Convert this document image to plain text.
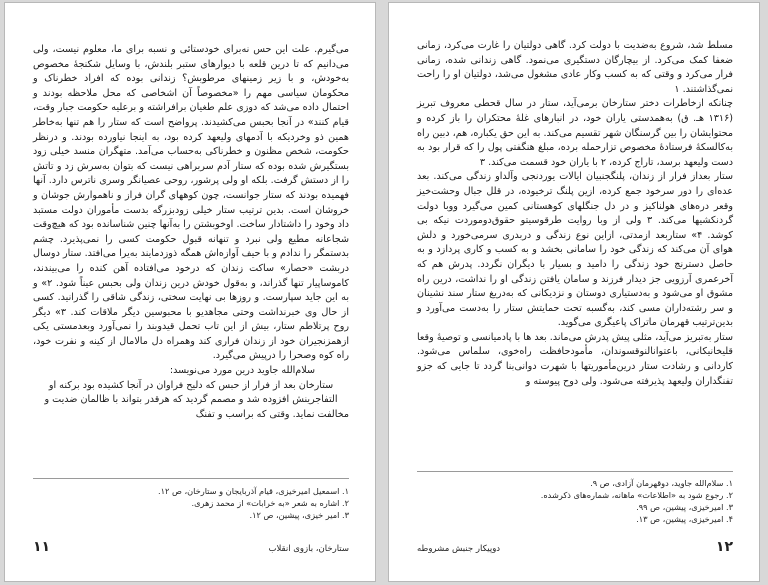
می‌گیرم. علت این حس نه‌برای خودستائی و نسبه برای ما، معلوم نیست، ولی می‌دانیم که تا درین قلعه با دیوارهای ستبر بلندش، با وسایل شکنجهٔ مخصوص به‌خودش، و با زیر زمینهای مرطوبش؟ زندانی بوده که افراد خطرناک و محکومان سیاسی مهم را «مخصوصاً آن اشخاصی که محل ملاحظه بودند و احتمال داده می‌شد که دوزی علم طغیان برافراشته و برعلیه حکومت جبار وقت، قیام کنند» در آنجا بحبس می‌کشیدند. پرواضح است که ستار را هم تنها به‌خاطر همین ذو وخردیکه با آدمهای ولیعهد کرده بود، به اینجا نیاورده بودند. و درنظر حکومت، شخص مظنون و خطرناکی به‌حساب می‌آمد. متهگران منسد خیلی زود بستگیرش شده بوده که ستار آدم سربراهی نیست که بتوان به‌سرش زد و تاتش را از دستش گرفت. بلکه او ولی پرشور، روحی عصیانگر وسری ناترس دارد. آنها فهمیده بودند که ستار جوانست، چون کوههای گران فراز و ناهموارش جوشان و خروشان است. بدین ترتیب ستار خیلی زودبزرگه بدست مأموران دولت مستبد داد وخود را داشتادار ساخت. اوخوبشتن را به‌آنها چنین شناسانده بود که هیچ‌وقت شجاعانه مطیع ولی نبرد و تنهانه قبول حکومت کسی را نمی‌پذیرد. چشم بدستمگر را ندادم و با حیف آوازه‌اش همگه ذوزدمایند به‌یرا می‌افتد. ستار دوسال دربشت «حصار» ساکت زندان که درخود می‌افتاده آهن کنده را می‌بیندند، کاموساپیار تنها گذراند، و به‌قول خودش درین زندان ولی بحبس عیناً شود. ۲» و به این جاید سپارست. و روزها بی نهایت سختی، زندگی شاقی را گذرانید. کسی از حال وی خبرنداشت وحتی مجاهدیو با محبوسین دیگر ملاقات کند. ۳» دیگر روح پرتلاطم ستار، بیش از این تاب تحمل قیدوبند را نمی‌آورد وبعدمستی یکی ازهمزنجیران خود از زندان فراری کند وهمراه دل مالامال از کینه و نفرت خود، راه کوه وصحرا را درپیش می‌گیرد.

سلام‌الله جاوید درین مورد می‌نویسد:

ستارخان بعد از فرار از حبس که دلیح فراوان در آنجا کشیده بود برکنه او التفاجرینش افزوده شد و مصمم گردید که هرقدر بتواند با ظالمان ضدیت و مخالفت نماید. وقتی که براسب و تفنگ

۱. اسمعیل امیرخیزی، قیام آذربایجان و ستارخان، ص ۱۲.
۲. اشاره به شعر «به خرابات» از محمد زهری.
۳. امیر خیزی، پیشین، ص ۱۲.
ستارخان، بازوی انقلاب
۱۱

مسلط شد، شروع به‌ضدیت با دولت کرد. گاهی دولتیان را غارت می‌کرد، زمانی ضعفا کمک می‌کرد. از بیچارگان دستگیری می‌نمود. گاهی زندانی شده، زمانی فرار می‌کرد و وقتی که به کسب وکار عادی مشغول می‌شد، دولتیان او را راحت نمی‌گذاشتند. ۱

چنانکه ازخاطرات دختر ستارخان برمی‌آید، ستار در سال قحطی معروف تبریز (۱۳۱۶ هـ. ق‌) به‌همدستی یاران خود، در انبارهای غلهٔ محتکران را باز کرده و محتوایشان را بین گرسنگان شهر تقسیم می‌کند. به این حق یکباره، هم، دبین راه به‌کالسکهٔ فرستادهٔ مخصوص تزارحمله برده، مبلغ هنگفتی پول را که قرار بود به دست ولیعهد برسد، تاراج کرده، ۲ با یاران خود قسمت می‌کند. ۳

ستار بعداز فرار از زندان، پلنگجنبیان ایالات یوردنجی وآلداو زندگی می‌کند. بعد عده‌ای را دور سرخود جمع کرده، ازین پلنگ ترخیوده، در قلل جبال وحشت‌خیز وقعر دره‌های هولناکیز و در دل جنگلهای کوهستانی کمین می‌گیرد ووبا دولت گردنکشیها می‌کند. ۳ ولی از وبا روایت طرقوسیتو حقوق‌دوموردت نیکه بی کوشد. ۴» ستاربعد ازمدتی، ازاین نوع زندگی و دربدری سرمی‌خورد و دلش هوای آن می‌کند که زندگی خود را سامانی بخشد و به کسب و کاری پردازد و به حاصل دسترنج خود زندگی را دامید و بسیار با دیگران نگردد. پدرش هم که آخرعمری آرزویی جز دیدار فرزند و سامان یافتن زندگی او را نداشت، درین راه مشوق او می‌شود و به‌دستیاری دوستان و نزدیکانی که به‌دریغ ستار سند نشینان و سر رشته‌داران مسی کند، به‌گسبه‌ تحت حمایتش ستار را به‌دست می‌آورد و بدین‌ترتیب قهرمان ماتراک پاعیگری می‌گوید.

ستار به‌تبریز می‌آید، مثلی پیش پدرش می‌ماند. بعد ها با پادمیانسی و توصیهٔ وقعا قلیخانیکانی، باعتوانالنوقسوندان، مأمودحافظت راه‌خوی، سلماس می‌شود. کاردانی و رشادت ستار درین‌مأموریتها با شهرت دوانی‌بنا گردد تا جایی که جزو تفنگداران ولیعهد پذیرفته می‌شود. ولی دوح پیوسته و

۱. سلام‌الله جاوید، دوقهرمان آزادی، ص ۹.
۲. رجوع شود به «اطلاعات» ماهانه، شماره‌های ذکرشده.
۳. امیرخیزی، پیشین، ص ۹۹.
۴. امیرخیزی، پیشین، ص ۱۳.
۱۲
دوپیکار جنبش مشروطه
